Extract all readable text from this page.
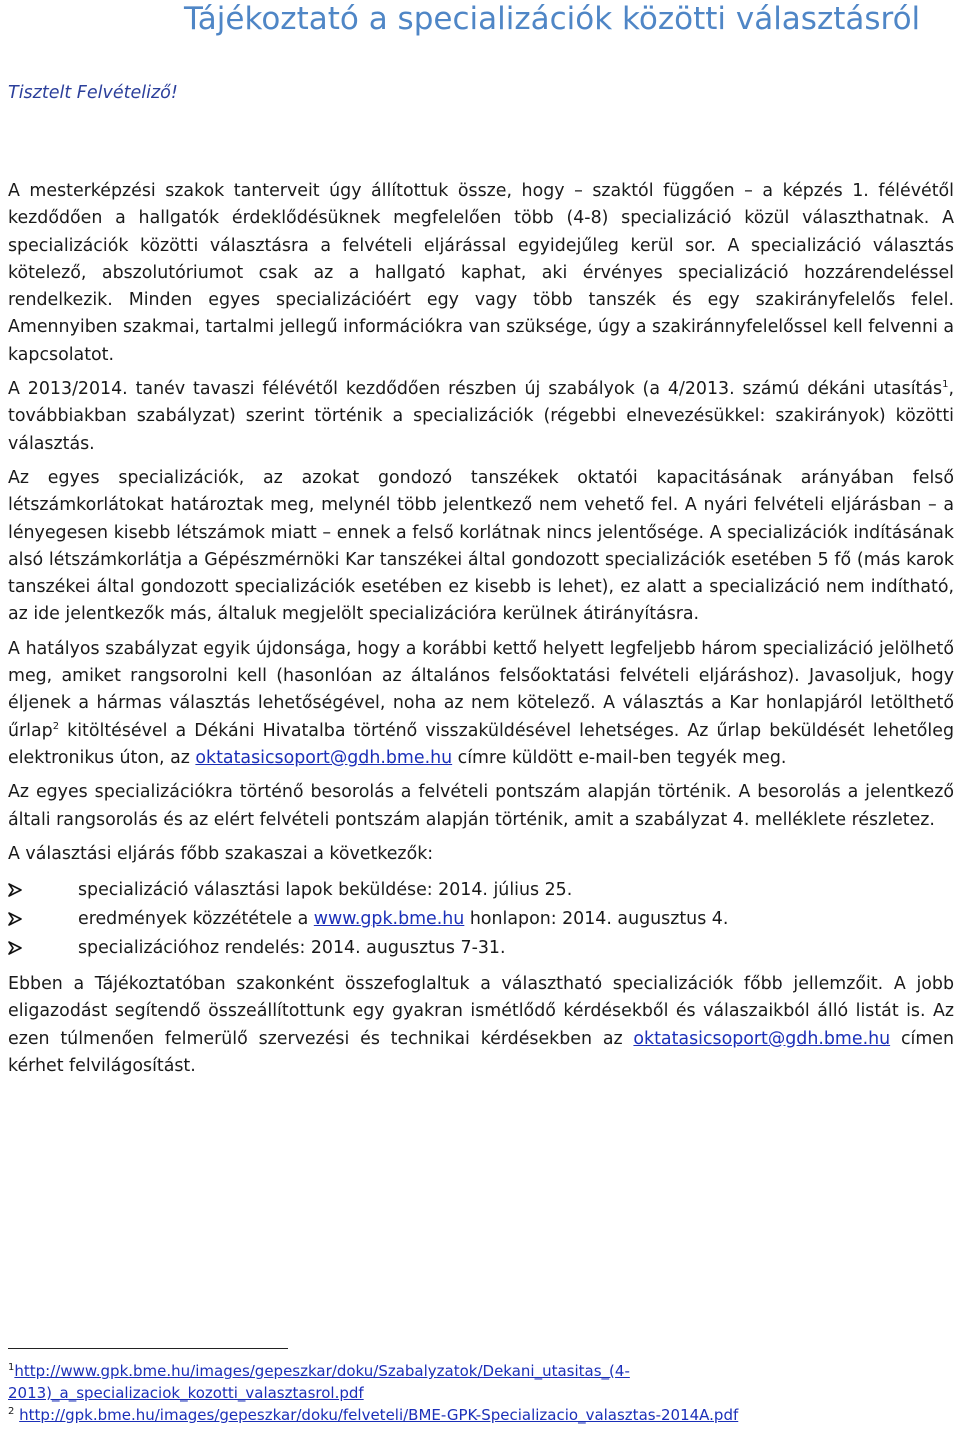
Tájékoztató a specializációk közötti választásról

Tisztelt Felvételiző!

A mesterképzési szakok tanterveit úgy állítottuk össze, hogy – szaktól függően – a képzés 1. félévétől kezdődően a hallgatók érdeklődésüknek megfelelően több (4-8) specializáció közül választhatnak. A specializációk közötti választásra a felvételi eljárással egyidejűleg kerül sor. A specializáció választás kötelező, abszolutóriumot csak az a hallgató kaphat, aki érvényes specializáció hozzárendeléssel rendelkezik. Minden egyes specializációért egy vagy több tanszék és egy szakirányfelelős felel. Amennyiben szakmai, tartalmi jellegű információkra van szüksége, úgy a szakiránnyfelelőssel kell felvenni a kapcsolatot.

A 2013/2014. tanév tavaszi félévétől kezdődően részben új szabályok (a 4/2013. számú dékáni utasítás$^1$, továbbiakban szabályzat) szerint történik a specializációk (régebbi elnevezésükkel: szakirányok) közötti választás.

Az egyes specializációk, az azokat gondozó tanszékek oktatói kapacitásának arányában felső létszámkorlátokat határoztak meg, melynél több jelentkező nem vehető fel. A nyári felvételi eljárásban – a lényegesen kisebb létszámok miatt – ennek a felső korlátnak nincs jelentősége. A specializációk indításának alsó létszámkorlátja a Gépészmérnöki Kar tanszékei által gondozott specializációk esetében 5 fő (más karok tanszékei által gondozott specializációk esetében ez kisebb is lehet), ez alatt a specializáció nem indítható, az ide jelentkezők más, általuk megjelölt specializációra kerülnek átirányításra.

A hatályos szabályzat egyik újdonsága, hogy a korábbi kettő helyett legfeljebb három specializáció jelölhető meg, amiket rangsorolni kell (hasonlóan az általános felsőoktatási felvételi eljáráshoz). Javasoljuk, hogy éljenek a hármas választás lehetőségével, noha az nem kötelező. A választás a Kar honlapjáról letölthető űrlap$^2$ kitöltésével a Dékáni Hivatalba történő visszaküldésével lehetséges. Az űrlap beküldését lehetőleg elektronikus úton, az oktatasicsoport@gdh.bme.hu címre küldött e-mail-ben tegyék meg.

Az egyes specializációkra történő besorolás a felvételi pontszám alapján történik. A besorolás a jelentkező általi rangsorolás és az elért felvételi pontszám alapján történik, amit a szabályzat 4. melléklete részletez.

A választási eljárás főbb szakaszai a következők:

specializáció választási lapok beküldése: 2014. július 25.
eredmények közzététele a www.gpk.bme.hu honlapon: 2014. augusztus 4.
specializációhoz rendelés: 2014. augusztus 7-31.

Ebben a Tájékoztatóban szakonként összefoglaltuk a választható specializációk főbb jellemzőit. A jobb eligazodást segítendő összeállítottunk egy gyakran ismétlődő kérdésekből és válaszaikból álló listát is. Az ezen túlmenően felmerülő szervezési és technikai kérdésekben az oktatasicsoport@gdh.bme.hu címen kérhet felvilágosítást.

$^1$http://www.gpk.bme.hu/images/gepeszkar/doku/Szabalyzatok/Dekani_utasitas_(4-2013)_a_specializaciok_kozotti_valasztasrol.pdf
$^2$ http://gpk.bme.hu/images/gepeszkar/doku/felveteli/BME-GPK-Specializacio_valasztas-2014A.pdf
